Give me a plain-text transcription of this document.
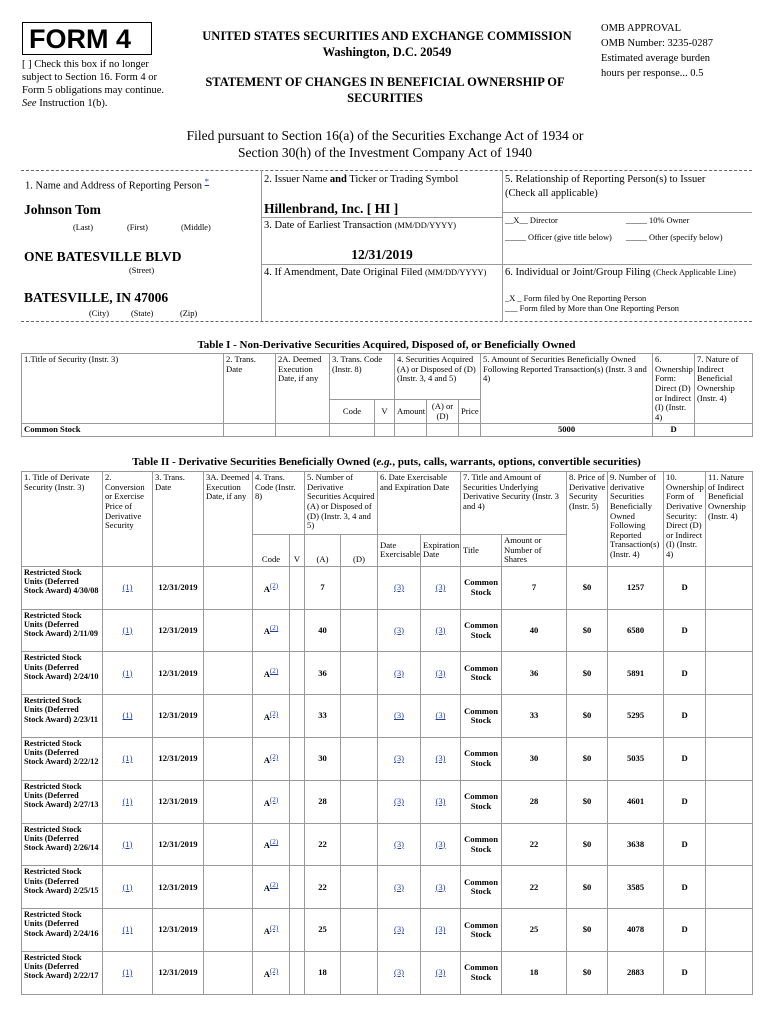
FORM 4
[ ] Check this box if no longer subject to Section 16. Form 4 or Form 5 obligations may continue. See Instruction 1(b).
UNITED STATES SECURITIES AND EXCHANGE COMMISSION
Washington, D.C. 20549
STATEMENT OF CHANGES IN BENEFICIAL OWNERSHIP OF SECURITIES
OMB APPROVAL
OMB Number: 3235-0287
Estimated average burden
hours per response... 0.5
Filed pursuant to Section 16(a) of the Securities Exchange Act of 1934 or
Section 30(h) of the Investment Company Act of 1940
1. Name and Address of Reporting Person *
Johnson Tom
(Last)	(First)	(Middle)
ONE BATESVILLE BLVD
(Street)
BATESVILLE, IN 47006
(City)	(State)	(Zip)
2. Issuer Name and Ticker or Trading Symbol
Hillenbrand, Inc. [ HI ]
3. Date of Earliest Transaction (MM/DD/YYYY)
12/31/2019
4. If Amendment, Date Original Filed (MM/DD/YYYY)
5. Relationship of Reporting Person(s) to Issuer
(Check all applicable)
__X__ Director	_____ 10% Owner
_____ Officer (give title below) _____ Other (specify below)
6. Individual or Joint/Group Filing (Check Applicable Line)
_X _ Form filed by One Reporting Person
___ Form filed by More than One Reporting Person
Table I - Non-Derivative Securities Acquired, Disposed of, or Beneficially Owned
1.Title of Security (Instr. 3)	2. Trans. Date	2A. Deemed Execution Date, if any	3. Trans. Code (Instr. 8)		4. Securities Acquired (A) or Disposed of (D) (Instr. 3, 4 and 5)			5. Amount of Securities Beneficially Owned Following Reported Transaction(s) (Instr. 3 and 4)	6. Ownership Form: Direct (D) or Indirect (I) (Instr. 4)	7. Nature of Indirect Beneficial Ownership (Instr. 4)
			Code	V	Amount	(A) or (D)	Price			
Common Stock								5000	D	
Table II - Derivative Securities Beneficially Owned (e.g., puts, calls, warrants, options, convertible securities)
1. Title of Derivate Security (Instr. 3)	2. Conversion or Exercise Price of Derivative Security	3. Trans. Date	3A. Deemed Execution Date, if any	4. Trans. Code (Instr. 8)		5. Number of Derivative Securities Acquired (A) or Disposed of (D) (Instr. 3, 4 and 5)		6. Date Exercisable and Expiration Date		7. Title and Amount of Securities Underlying Derivative Security (Instr. 3 and 4)		8. Price of Derivative Security (Instr. 5)	9. Number of derivative Securities Beneficially Owned Following Reported Transaction(s) (Instr. 4)	10. Ownership Form of Derivative Security: Direct (D) or Indirect (I) (Instr. 4)	11. Nature of Indirect Beneficial Ownership (Instr. 4)
				Code	V	(A)	(D)	Date Exercisable	Expiration Date	Title	Amount or Number of Shares				
Restricted Stock Units (Deferred Stock Award) 4/30/08	(1)	12/31/2019		$A^{(2)}$		7		(3)	(3)	Common Stock	7	$0	1257	D	
Restricted Stock Units (Deferred Stock Award) 2/11/09	(1)	12/31/2019		$A^{(2)}$		40		(3)	(3)	Common Stock	40	$0	6580	D	
Restricted Stock Units (Deferred Stock Award) 2/24/10	(1)	12/31/2019		$A^{(2)}$		36		(3)	(3)	Common Stock	36	$0	5891	D	
Restricted Stock Units (Deferred Stock Award) 2/23/11	(1)	12/31/2019		$A^{(2)}$		33		(3)	(3)	Common Stock	33	$0	5295	D	
Restricted Stock Units (Deferred Stock Award) 2/22/12	(1)	12/31/2019		$A^{(2)}$		30		(3)	(3)	Common Stock	30	$0	5035	D	
Restricted Stock Units (Deferred Stock Award) 2/27/13	(1)	12/31/2019		$A^{(2)}$		28		(3)	(3)	Common Stock	28	$0	4601	D	
Restricted Stock Units (Deferred Stock Award) 2/26/14	(1)	12/31/2019		$A^{(2)}$		22		(3)	(3)	Common Stock	22	$0	3638	D	
Restricted Stock Units (Deferred Stock Award) 2/25/15	(1)	12/31/2019		$A^{(2)}$		22		(3)	(3)	Common Stock	22	$0	3585	D	
Restricted Stock Units (Deferred Stock Award) 2/24/16	(1)	12/31/2019		$A^{(2)}$		25		(3)	(3)	Common Stock	25	$0	4078	D	
Restricted Stock Units (Deferred Stock Award) 2/22/17	(1)	12/31/2019		$A^{(2)}$		18		(3)	(3)	Common Stock	18	$0	2883	D	
